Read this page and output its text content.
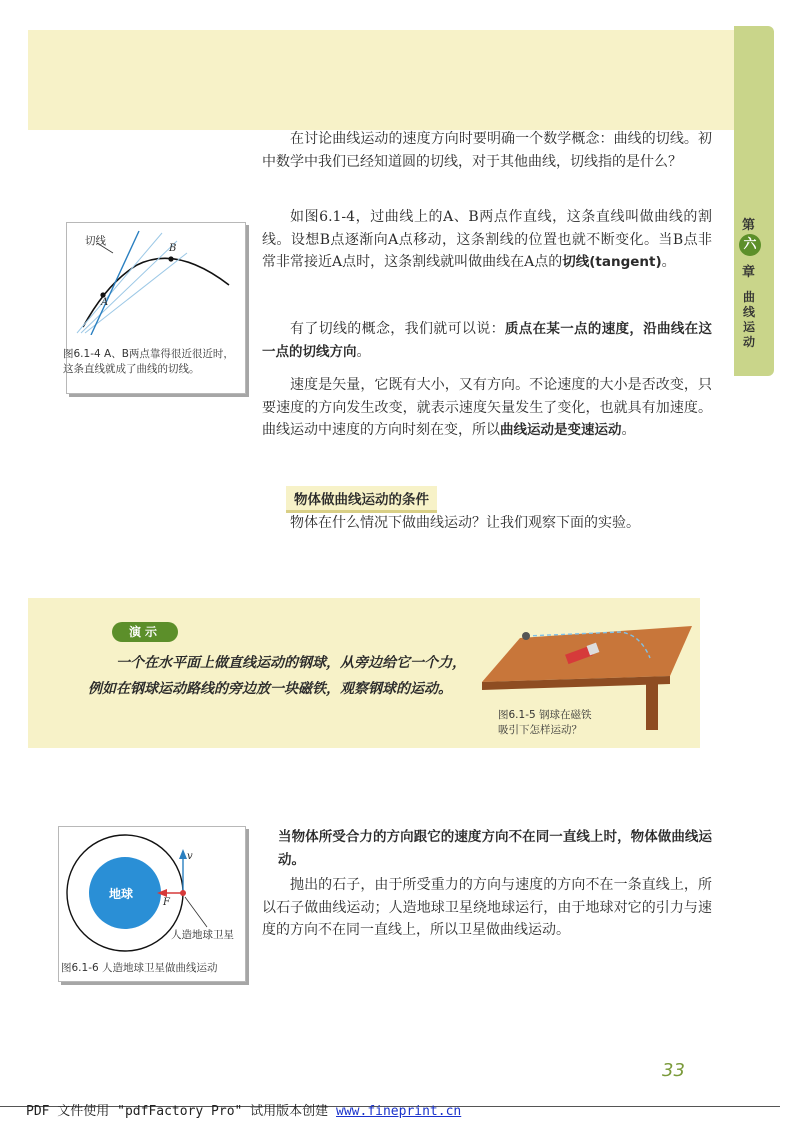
第
六
章
曲线运动

在讨论曲线运动的速度方向时要明确一个数学概念：曲线的切线。初中数学中我们已经知道圆的切线，对于其他曲线，切线指的是什么？

如图6.1-4，过曲线上的A、B两点作直线，这条直线叫做曲线的割线。设想B点逐渐向A点移动，这条割线的位置也就不断变化。当B点非常非常接近A点时，这条割线就叫做曲线在A点的切线(tangent)。

有了切线的概念，我们就可以说：质点在某一点的速度，沿曲线在这一点的切线方向。

速度是矢量，它既有大小，又有方向。不论速度的大小是否改变，只要速度的方向发生改变，就表示速度矢量发生了变化，也就具有加速度。曲线运动中速度的方向时刻在变，所以曲线运动是变速运动。

物体做曲线运动的条件

物体在什么情况下做曲线运动？让我们观察下面的实验。

切线
A
B
图6.1-4 A、B两点靠得很近很近时，这条直线就成了曲线的切线。
演示

一个在水平面上做直线运动的钢球，从旁边给它一个力，例如在钢球运动路线的旁边放一块磁铁，观察钢球的运动。

图6.1-5 钢球在磁铁
吸引下怎样运动？

当物体所受合力的方向跟它的速度方向不在同一直线上时，物体做曲线运动。

抛出的石子，由于所受重力的方向与速度的方向不在一条直线上，所以石子做曲线运动；人造地球卫星绕地球运行，由于地球对它的引力与速度的方向不在同一直线上，所以卫星做曲线运动。

地球
v
F
人造地球卫星
图6.1-6 人造地球卫星做曲线运动
33
PDF 文件使用 "pdfFactory Pro" 试用版本创建 www.fineprint.cn
